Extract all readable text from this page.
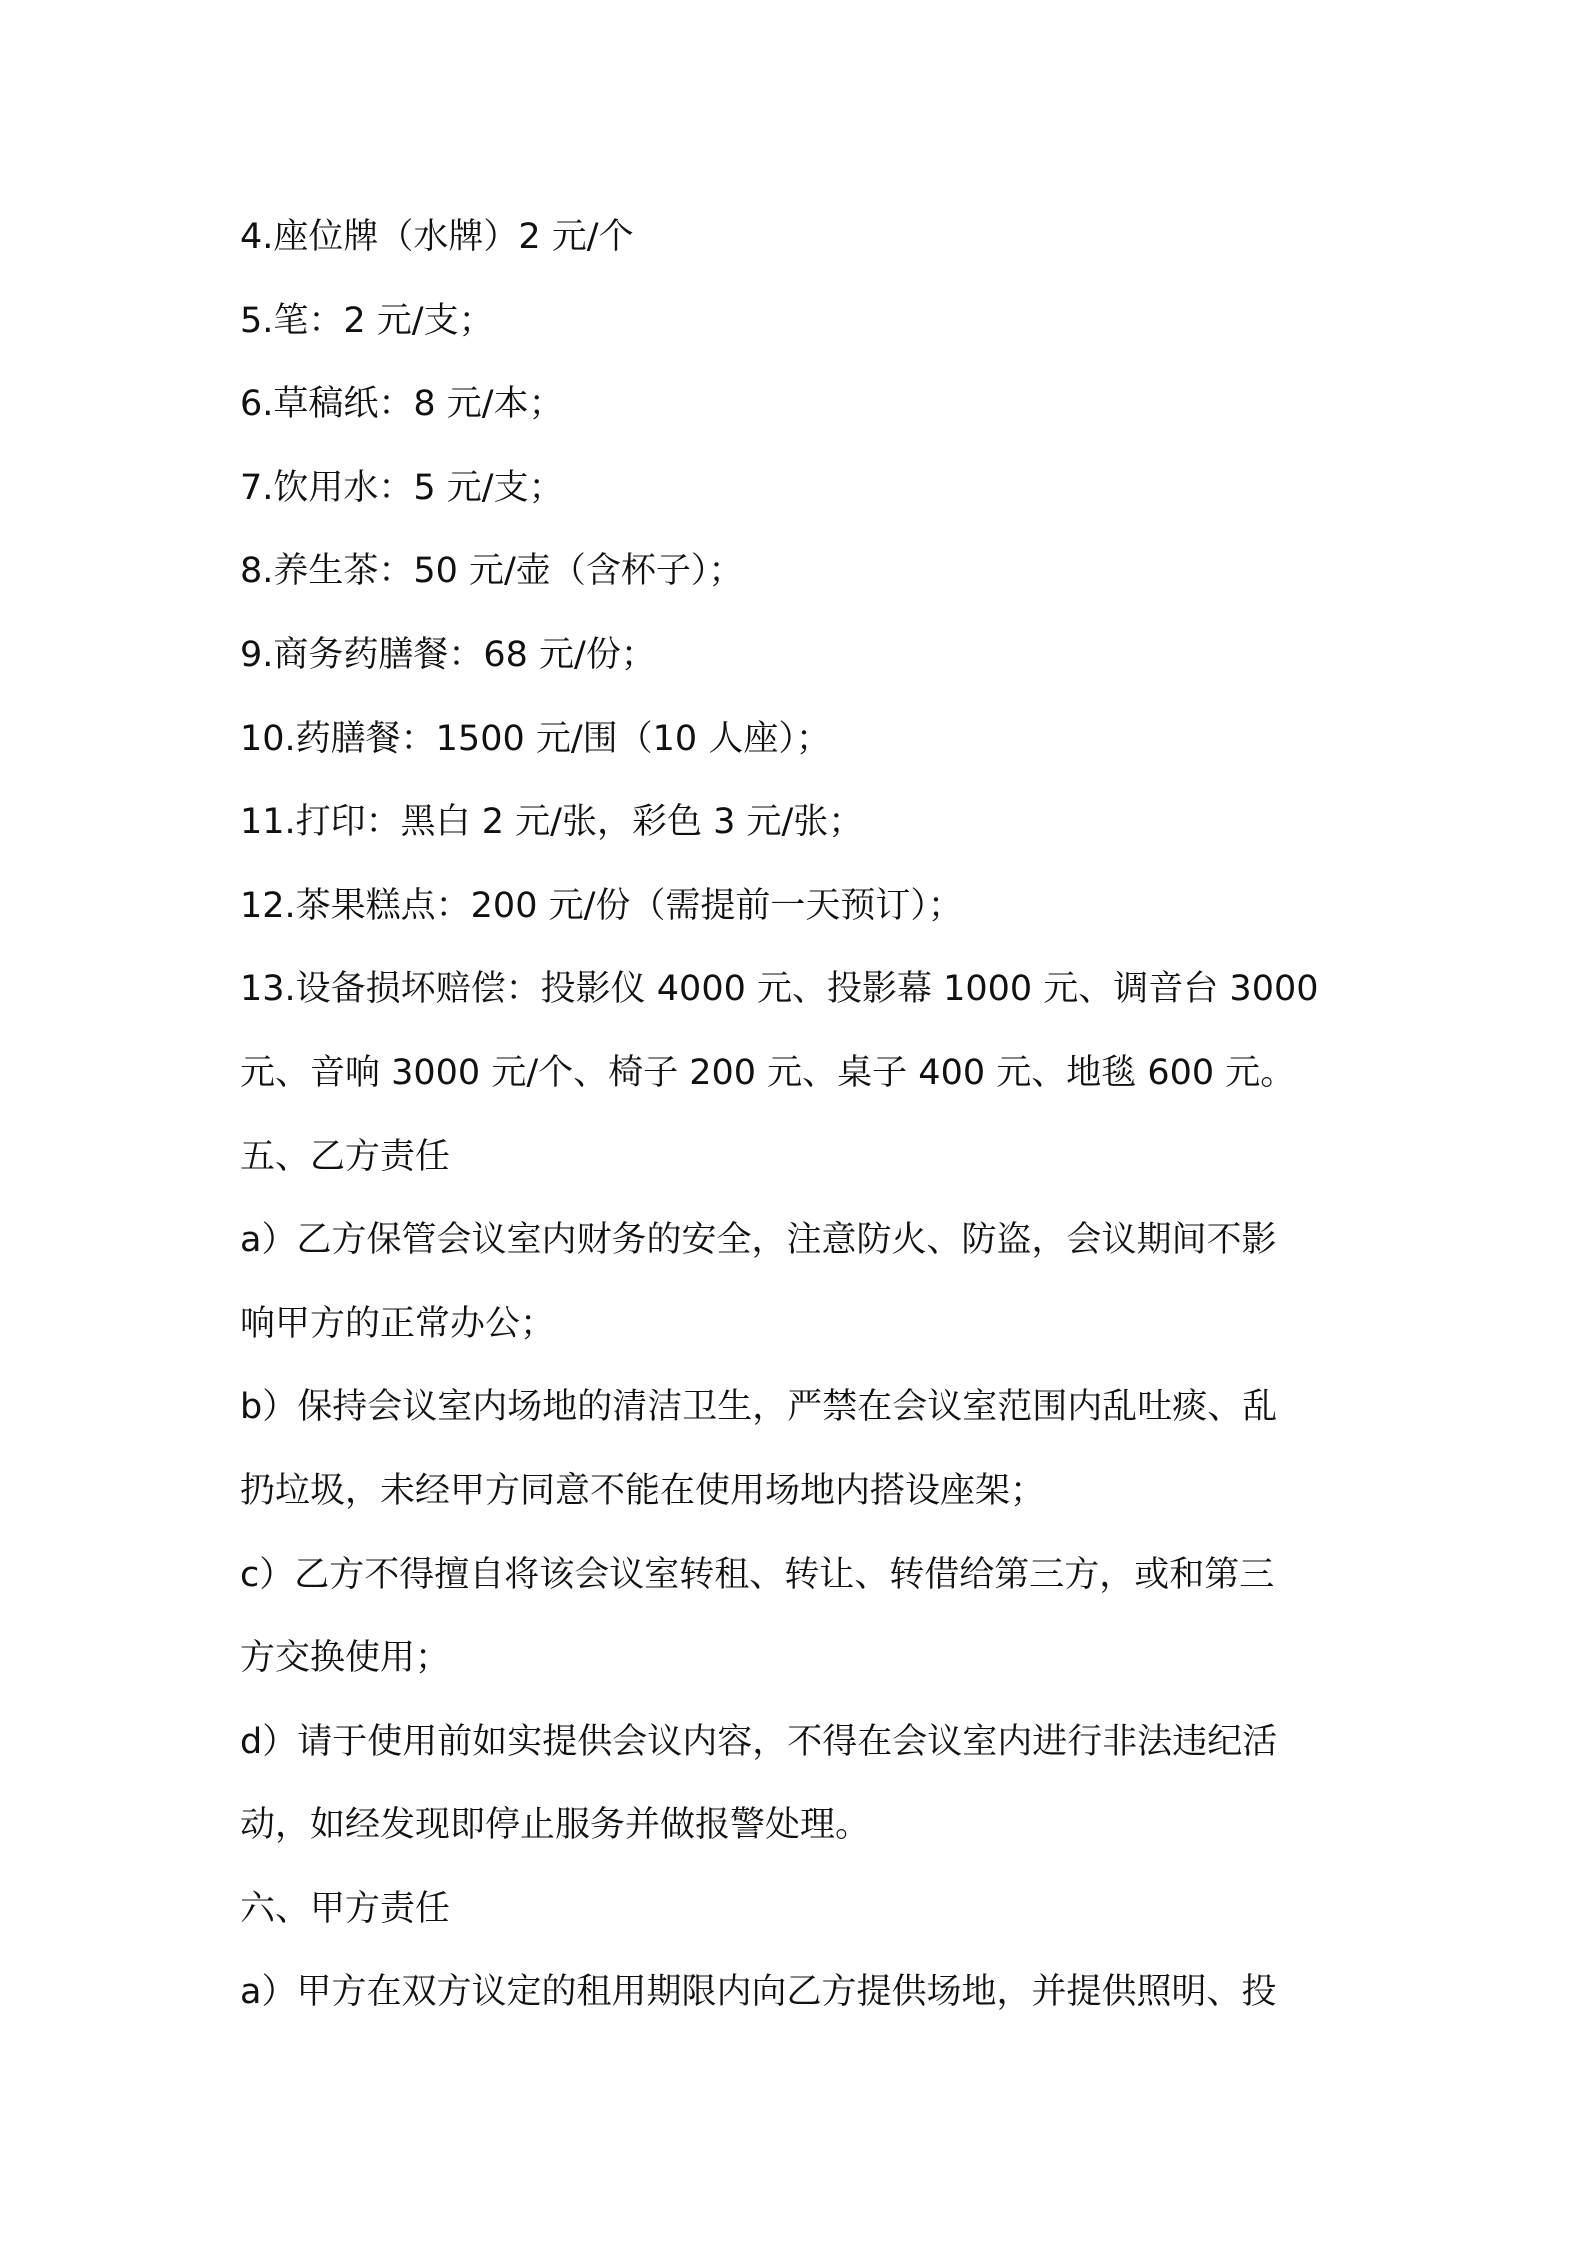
4.座位牌（水牌）2 元/个
5.笔：2 元/支；
6.草稿纸：8 元/本；
7.饮用水：5 元/支；
8.养生茶：50 元/壶（含杯子）；
9.商务药膳餐：68 元/份；
10.药膳餐：1500 元/围（10 人座）；
11.打印：黑白 2 元/张，彩色 3 元/张；
12.茶果糕点：200 元/份（需提前一天预订）；
13.设备损坏赔偿：投影仪 4000 元、投影幕 1000 元、调音台 3000
元、音响 3000 元/个、椅子 200 元、桌子 400 元、地毯 600 元。
五、乙方责任
a）乙方保管会议室内财务的安全，注意防火、防盗，会议期间不影
响甲方的正常办公；
b）保持会议室内场地的清洁卫生，严禁在会议室范围内乱吐痰、乱
扔垃圾，未经甲方同意不能在使用场地内搭设座架；
c）乙方不得擅自将该会议室转租、转让、转借给第三方，或和第三
方交换使用；
d）请于使用前如实提供会议内容，不得在会议室内进行非法违纪活
动，如经发现即停止服务并做报警处理。
六、甲方责任
a）甲方在双方议定的租用期限内向乙方提供场地，并提供照明、投
